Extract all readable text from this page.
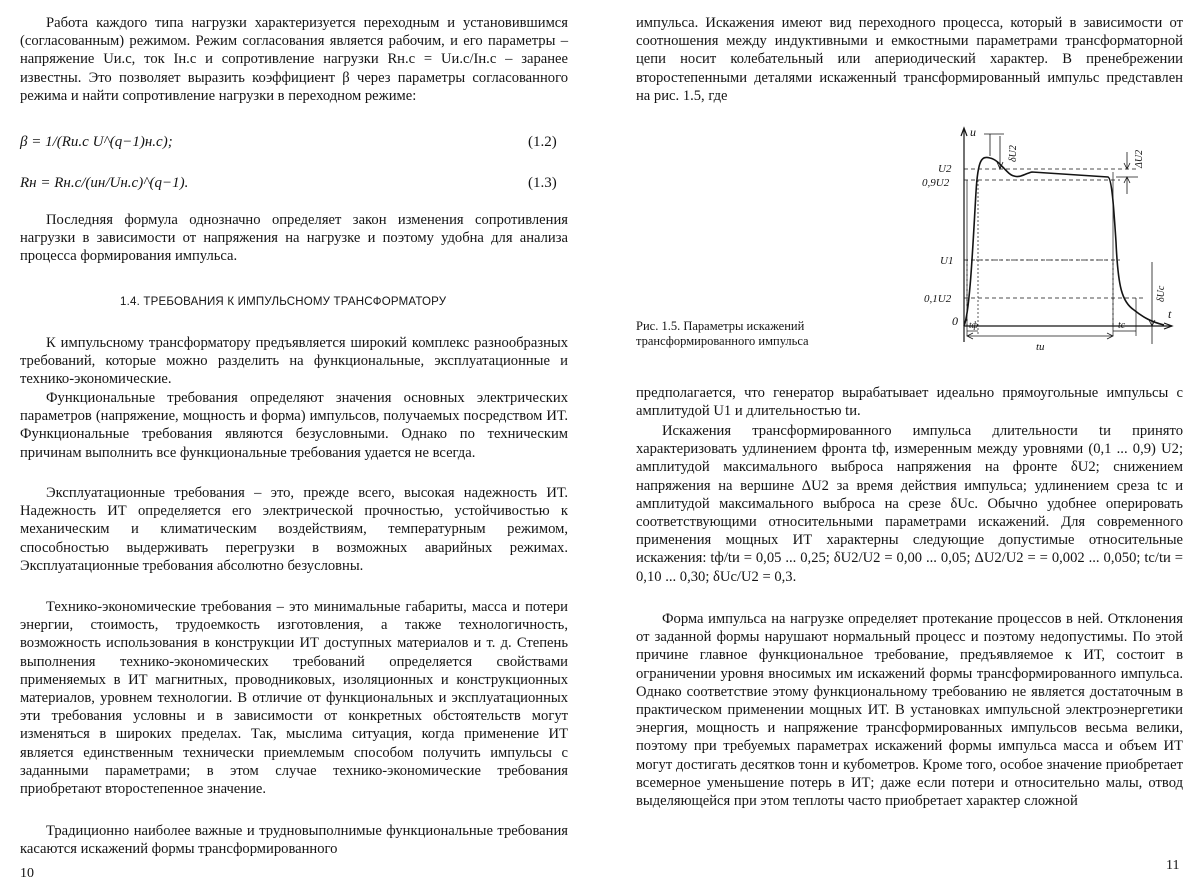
Работа каждого типа нагрузки характеризуется переходным и установившимся (согласованным) режимом. Режим согласования является рабочим, и его параметры – напряжение Uи.с, ток Iн.с и сопротивление нагрузки Rн.с = Uи.с/Iн.с – заранее известны. Это позволяет выразить коэффициент β через параметры согласованного режима и найти сопротивление нагрузки в переходном режиме:

β = 1/(Rи.с U^(q−1)н.с);	(1.2)
Rн = Rн.с/(uн/Uн.с)^(q−1).	(1.3)

Последняя формула однозначно определяет закон изменения сопротивления нагрузки в зависимости от напряжения на нагрузке и поэтому удобна для анализа процесса формирования импульса.

1.4. ТРЕБОВАНИЯ К ИМПУЛЬСНОМУ ТРАНСФОРМАТОРУ

К импульсному трансформатору предъявляется широкий комплекс разнообразных требований, которые можно разделить на функциональные, эксплуатационные и технико-экономические.

Функциональные требования определяют значения основных электрических параметров (напряжение, мощность и форма) импульсов, получаемых посредством ИТ. Функциональные требования являются безусловными. Однако по техническим причинам выполнить все функциональные требования удается не всегда.

Эксплуатационные требования – это, прежде всего, высокая надежность ИТ. Надежность ИТ определяется его электрической прочностью, устойчивостью к механическим и климатическим воздействиям, температурным режимом, способностью выдерживать перегрузки в возможных аварийных режимах. Эксплуатационные требования абсолютно безусловны.

Технико-экономические требования – это минимальные габариты, масса и потери энергии, стоимость, трудоемкость изготовления, а также технологичность, возможность использования в конструкции ИТ доступных материалов и т. д. Степень выполнения технико-экономических требований определяется свойствами применяемых в ИТ магнитных, проводниковых, изоляционных и конструкционных материалов, уровнем технологии. В отличие от функциональных и эксплуатационных эти требования условны и в зависимости от конкретных обстоятельств могут изменяться в широких пределах. Так, мыслима ситуация, когда применение ИТ является единственным технически приемлемым способом получить импульсы с заданными параметрами; в этом случае технико-экономические требования приобретают второстепенное значение.

Традиционно наиболее важные и трудновыполнимые функциональные требования касаются искажений формы трансформированного

10

импульса. Искажения имеют вид переходного процесса, который в зависимости от соотношения между индуктивными и емкостными параметрами трансформаторной цепи носит колебательный или апериодический характер. В пренебрежении второстепенными деталями искаженный трансформированный импульс представлен на рис. 1.5, где

u
U2
0,9U2
U1
0,1U2
0	t
tф
tи
tc
δU2	ΔU2
δUc
Рис. 1.5. Параметры искажений трансформированного импульса

предполагается, что генератор вырабатывает идеально прямоугольные импульсы с амплитудой U1 и длительностью tи.

Искажения трансформированного импульса длительности tи принято характеризовать удлинением фронта tф, измеренным между уровнями (0,1 ... 0,9) U2; амплитудой максимального выброса напряжения на фронте δU2; снижением напряжения на вершине ΔU2 за время действия импульса; удлинением среза tc и амплитудой максимального выброса на срезе δUc. Обычно удобнее оперировать соответствующими относительными параметрами искажений. Для современного применения мощных ИТ характерны следующие допустимые относительные искажения: tф/tи = 0,05 ... 0,25; δU2/U2 = 0,00 ... 0,05; ΔU2/U2 = = 0,002 ... 0,050; tc/tи = 0,10 ... 0,30; δUc/U2 = 0,3.

Форма импульса на нагрузке определяет протекание процессов в ней. Отклонения от заданной формы нарушают нормальный процесс и поэтому недопустимы. По этой причине главное функциональное требование, предъявляемое к ИТ, состоит в ограничении уровня вносимых им искажений формы трансформированного импульса. Однако соответствие этому функциональному требованию не является достаточным в практическом применении мощных ИТ. В установках импульсной электроэнергетики энергия, мощность и напряжение трансформированных импульсов весьма велики, поэтому при требуемых параметрах искажений формы импульса масса и объем ИТ могут достигать десятков тонн и кубометров. Кроме того, особое значение приобретает всемерное уменьшение потерь в ИТ; даже если потери и относительно малы, отвод выделяющейся при этом теплоты часто приобретает характер сложной

11
